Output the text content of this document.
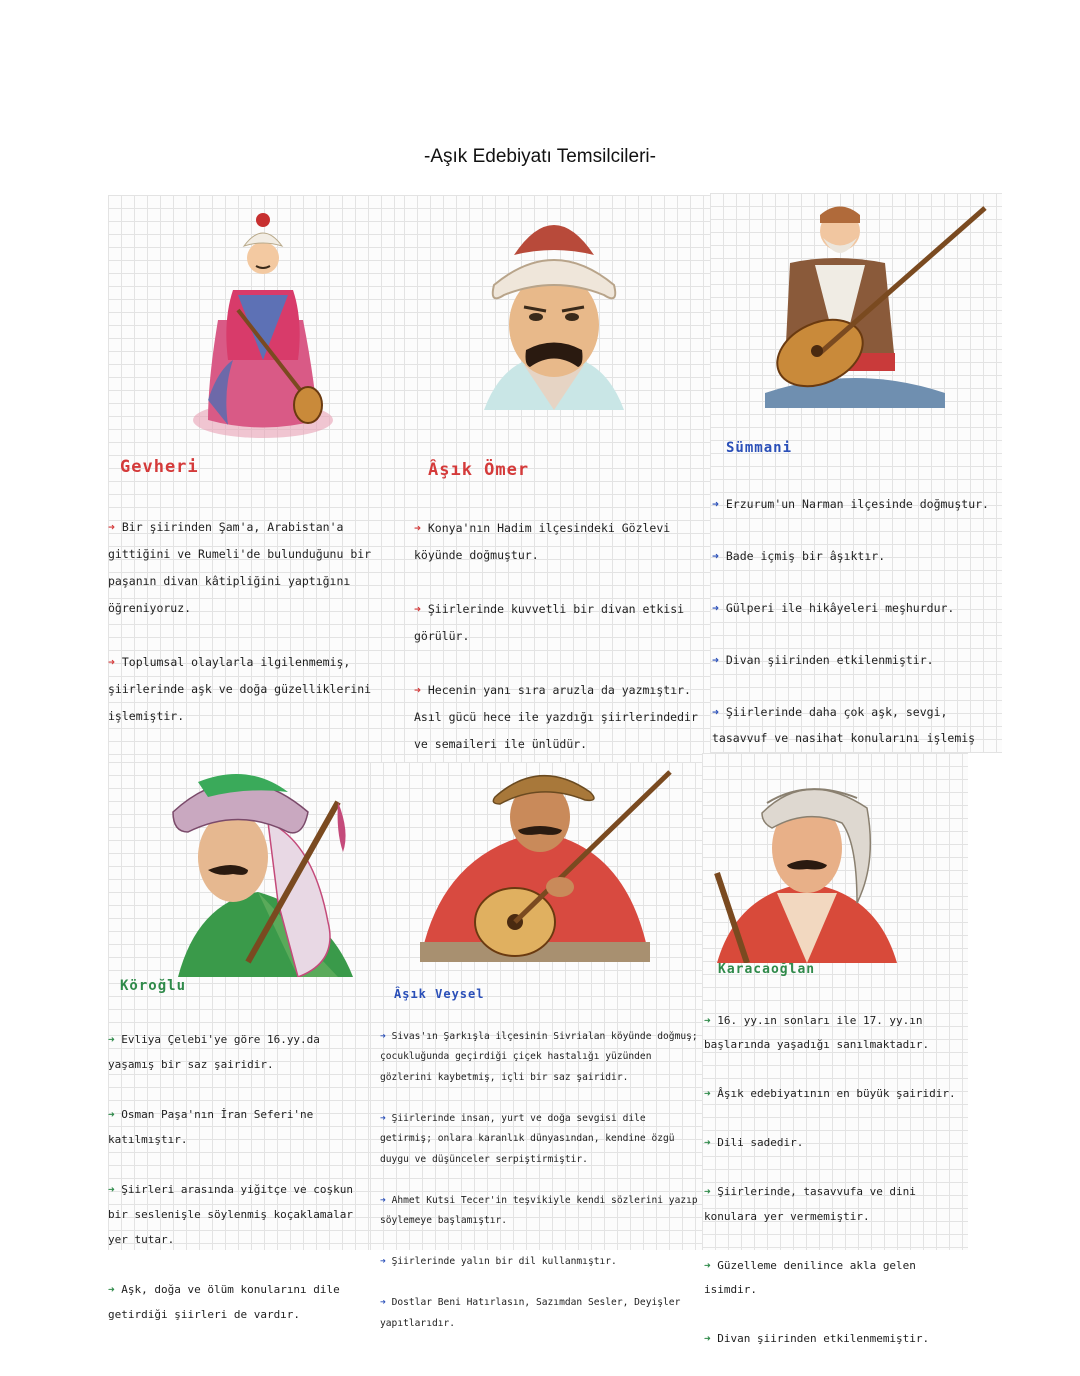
-Aşık Edebiyatı Temsilcileri-
Gevheri

➜ Bir şiirinden Şam'a, Arabistan'a gittiğini ve Rumeli'de bulunduğunu bir paşanın divan kâtipliğini yaptığını öğreniyoruz.

➜ Toplumsal olaylarla ilgilenmemiş, şiirlerinde aşk ve doğa güzelliklerini işlemiştir.

Âşık Ömer

➜ Konya'nın Hadim ilçesindeki Gözlevi köyünde doğmuştur.

➜ Şiirlerinde kuvvetli bir divan etkisi görülür.

➜ Hecenin yanı sıra aruzla da yazmıştır. Asıl gücü hece ile yazdığı şiirlerindedir ve semaileri ile ünlüdür.

Sümmani

➜ Erzurum'un Narman ilçesinde doğmuştur.

➜ Bade içmiş bir âşıktır.

➜ Gülperi ile hikâyeleri meşhurdur.

➜ Divan şiirinden etkilenmiştir.

➜ Şiirlerinde daha çok aşk, sevgi, tasavvuf ve nasihat konularını işlemiş

Köroğlu

➜ Evliya Çelebi'ye göre 16.yy.da yaşamış bir saz şairidir.

➜ Osman Paşa'nın İran Seferi'ne katılmıştır.

➜ Şiirleri arasında yiğitçe ve coşkun bir seslenişle söylenmiş koçaklamalar yer tutar.

➜ Aşk, doğa ve ölüm konularını dile getirdiği şiirleri de vardır.

Âşık Veysel

➜ Sivas'ın Şarkışla ilçesinin Sivrialan köyünde doğmuş; çocukluğunda geçirdiği çiçek hastalığı yüzünden gözlerini kaybetmiş, içli bir saz şairidir.

➜ Şiirlerinde insan, yurt ve doğa sevgisi dile getirmiş; onlara karanlık dünyasından, kendine özgü duygu ve düşünceler serpiştirmiştir.

➜ Ahmet Kutsi Tecer'in teşvikiyle kendi sözlerini yazıp söylemeye başlamıştır.

➜ Şiirlerinde yalın bir dil kullanmıştır.

➜ Dostlar Beni Hatırlasın, Sazımdan Sesler, Deyişler yapıtlarıdır.

Karacaoğlan

➜ 16. yy.ın sonları ile 17. yy.ın başlarında yaşadığı sanılmaktadır.

➜ Âşık edebiyatının en büyük şairidir.

➜ Dili sadedir.

➜ Şiirlerinde, tasavvufa ve dini konulara yer vermemiştir.

➜ Güzelleme denilince akla gelen isimdir.

➜ Divan şiirinden etkilenmemiştir.
